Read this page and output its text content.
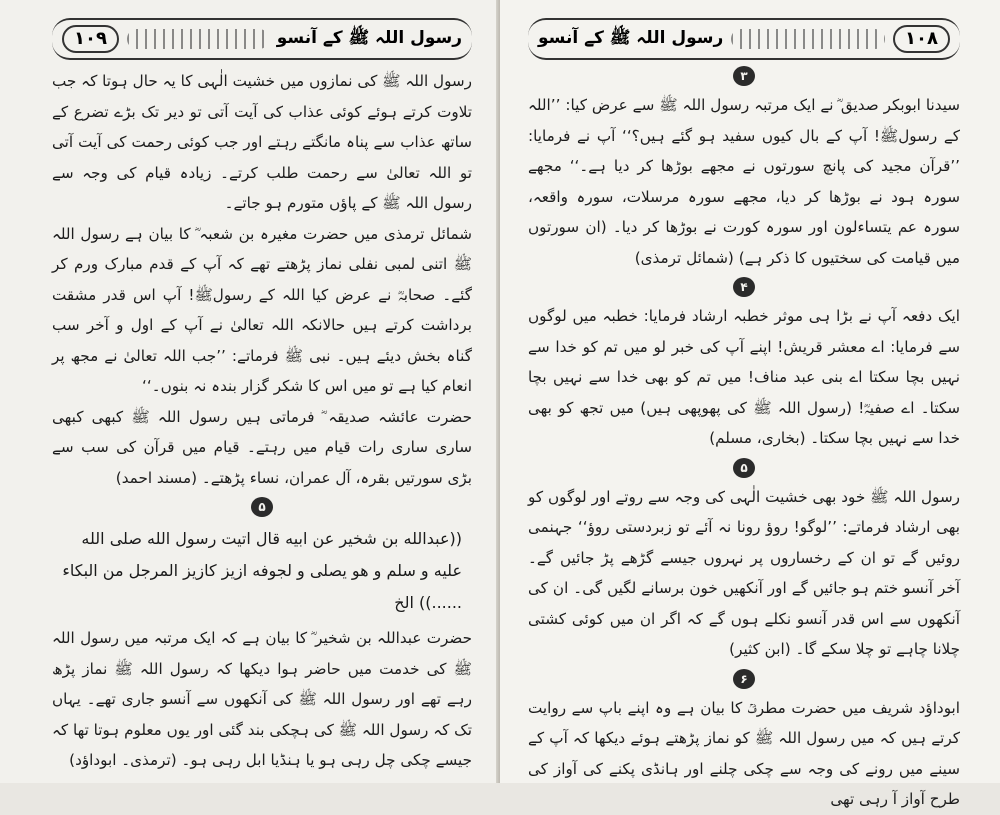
۱۰۹	رسول اللہ ﷺ کے آنسو

رسول اللہ ﷺ کی نمازوں میں خشیت الٰہی کا یہ حال ہوتا کہ جب تلاوت کرتے ہوئے کوئی عذاب کی آیت آتی تو دیر تک بڑے تضرع کے ساتھ عذاب سے پناہ مانگتے رہتے اور جب کوئی رحمت کی آیت آتی تو اللہ تعالیٰ سے رحمت طلب کرتے۔ زیادہ قیام کی وجہ سے رسول اللہ ﷺ کے پاؤں متورم ہو جاتے۔

شمائل ترمذی میں حضرت مغیرہ بن شعبہ ؓ کا بیان ہے رسول اللہ ﷺ اتنی لمبی نفلی نماز پڑھتے تھے کہ آپ کے قدم مبارک ورم کر گئے۔ صحابہؓ نے عرض کیا اللہ کے رسولﷺ! آپ اس قدر مشقت برداشت کرتے ہیں حالانکہ اللہ تعالیٰ نے آپ کے اول و آخر سب گناہ بخش دیئے ہیں۔ نبی ﷺ فرماتے: ’’جب اللہ تعالیٰ نے مجھ پر انعام کیا ہے تو میں اس کا شکر گزار بندہ نہ بنوں۔‘‘

حضرت عائشہ صدیقہ ؓ فرماتی ہیں رسول اللہ ﷺ کبھی کبھی ساری ساری رات قیام میں رہتے۔ قیام میں قرآن کی سب سے بڑی سورتیں بقرہ، آل عمران، نساء پڑھتے۔ (مسند احمد)

۵

((عبدالله بن شخير عن ابيه قال اتيت رسول الله صلى الله عليه و سلم و هو يصلى و لجوفه ازيز كازيز المرجل من البكاء ......)) الخ

حضرت عبداللہ بن شخیر ؓ کا بیان ہے کہ ایک مرتبہ میں رسول اللہ ﷺ کی خدمت میں حاضر ہوا دیکھا کہ رسول اللہ ﷺ نماز پڑھ رہے تھے اور رسول اللہ ﷺ کی آنکھوں سے آنسو جاری تھے۔ یہاں تک کہ رسول اللہ ﷺ کی ہچکی بند گئی اور یوں معلوم ہوتا تھا کہ جیسے چکی چل رہی ہو یا ہنڈیا ابل رہی ہو۔ (ترمذی۔ ابوداؤد)

رسول اللہ ﷺ کے آنسو	۱۰۸
۳

سیدنا ابوبکر صدیق ؓ نے ایک مرتبہ رسول اللہ ﷺ سے عرض کیا: ’’اللہ کے رسولﷺ! آپ کے بال کیوں سفید ہو گئے ہیں؟‘‘ آپ نے فرمایا: ’’قرآن مجید کی پانچ سورتوں نے مجھے بوڑھا کر دیا ہے۔‘‘ مجھے سورہ ہود نے بوڑھا کر دیا، مجھے سورہ مرسلات، سورہ واقعہ، سورہ عم یتساءلون اور سورہ کورت نے بوڑھا کر دیا۔ (ان سورتوں میں قیامت کی سختیوں کا ذکر ہے) (شمائل ترمذی)

۴

ایک دفعہ آپ نے بڑا ہی موثر خطبہ ارشاد فرمایا: خطبہ میں لوگوں سے فرمایا: اے معشر قریش! اپنے آپ کی خبر لو میں تم کو خدا سے نہیں بچا سکتا اے بنی عبد مناف! میں تم کو بھی خدا سے نہیں بچا سکتا۔ اے صفیہؓ! (رسول اللہ ﷺ کی پھوپھی ہیں) میں تجھ کو بھی خدا سے نہیں بچا سکتا۔ (بخاری، مسلم)

۵

رسول اللہ ﷺ خود بھی خشیت الٰہی کی وجہ سے روتے اور لوگوں کو بھی ارشاد فرماتے: ’’لوگو! روؤ رونا نہ آئے تو زبردستی روؤ‘‘ جہنمی روئیں گے تو ان کے رخساروں پر نہروں جیسے گڑھے پڑ جائیں گے۔ آخر آنسو ختم ہو جائیں گے اور آنکھیں خون برسانے لگیں گی۔ ان کی آنکھوں سے اس قدر آنسو نکلے ہوں گے کہ اگر ان میں کوئی کشتی چلانا چاہے تو چلا سکے گا۔ (ابن کثیر)

۶

ابوداؤد شریف میں حضرت مطرفؒ کا بیان ہے وہ اپنے باپ سے روایت کرتے ہیں کہ میں رسول اللہ ﷺ کو نماز پڑھتے ہوئے دیکھا کہ آپ کے سینے میں رونے کی وجہ سے چکی چلنے اور ہانڈی پکنے کی آواز کی طرح آواز آ رہی تھی
